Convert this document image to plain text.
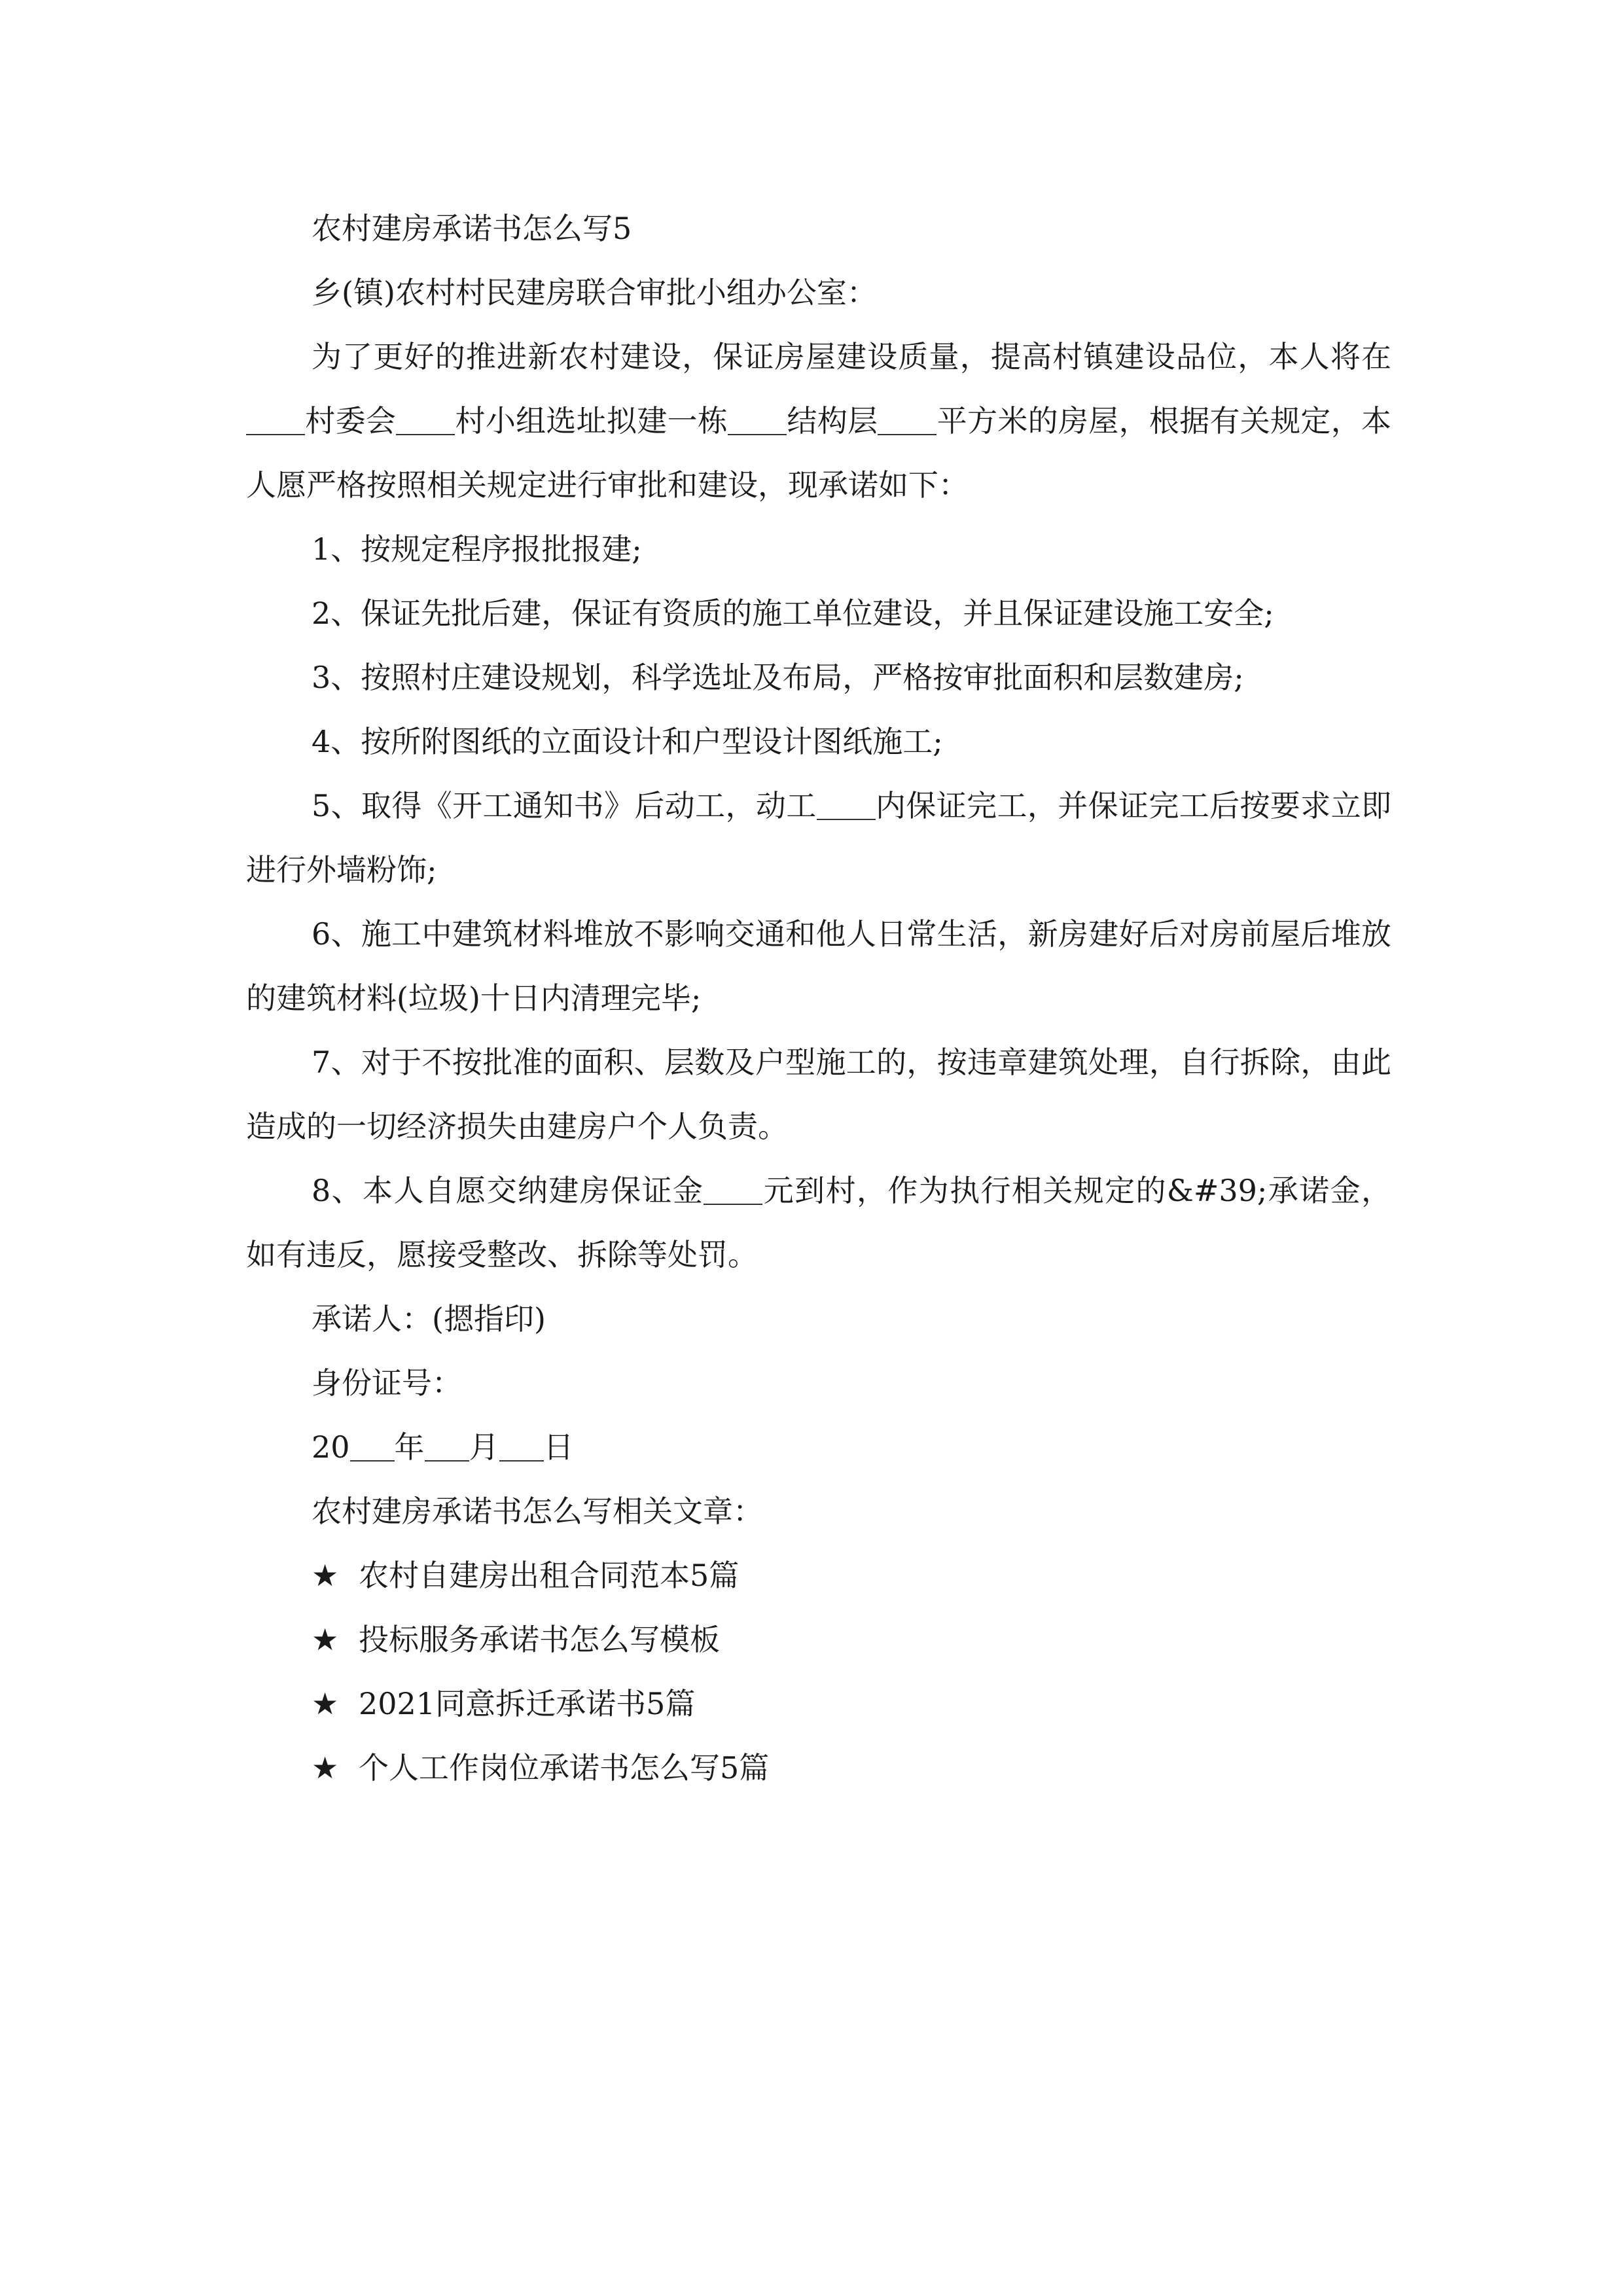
农村建房承诺书怎么写5

乡(镇)农村村民建房联合审批小组办公室：

为了更好的推进新农村建设，保证房屋建设质量，提高村镇建设品位，本人将在村委会 村小组选址拟建一栋 结构层 平方米的房屋，根据有关规定，本人愿严格按照相关规定进行审批和建设，现承诺如下：

1、按规定程序报批报建;

2、保证先批后建，保证有资质的施工单位建设，并且保证建设施工安全;

3、按照村庄建设规划，科学选址及布局，严格按审批面积和层数建房;

4、按所附图纸的立面设计和户型设计图纸施工;

5、取得《开工通知书》后动工，动工 内保证完工，并保证完工后按要求立即进行外墙粉饰;

6、施工中建筑材料堆放不影响交通和他人日常生活，新房建好后对房前屋后堆放的建筑材料(垃圾)十日内清理完毕;

7、对于不按批准的面积、层数及户型施工的，按违章建筑处理，自行拆除，由此造成的一切经济损失由建房户个人负责。

8、本人自愿交纳建房保证金 元到村，作为执行相关规定的&#39;承诺金，如有违反，愿接受整改、拆除等处罚。

承诺人：(摁指印)

身份证号：

20 年 月 日

农村建房承诺书怎么写相关文章：

★ 农村自建房出租合同范本5篇

★ 投标服务承诺书怎么写模板

★ 2021同意拆迁承诺书5篇

★ 个人工作岗位承诺书怎么写5篇
